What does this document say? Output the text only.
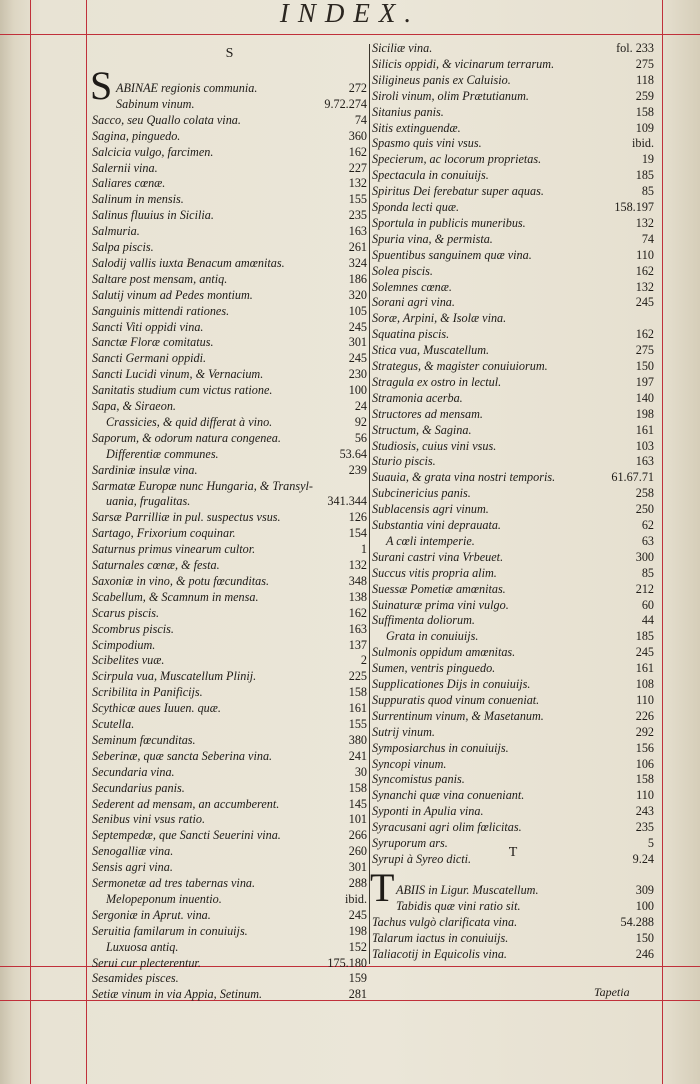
INDEX.
S
S ABINAE regionis communia.	272
Sabinum vinum.	9.72.274
Sacco, seu Quallo colata vina.	74
Sagina, pinguedo.	360
Salcicia vulgo, farcimen.	162
Salernii vina.	227
Saliares cœnæ.	132
Salinum in mensis.	155
Salinus fluuius in Sicilia.	235
Salmuria.	163
Salpa piscis.	261
Salodij vallis iuxta Benacum amœnitas.	324
Saltare post mensam, antiq.	186
Salutij vinum ad Pedes montium.	320
Sanguinis mittendi rationes.	105
Sancti Viti oppidi vina.	245
Sanctæ Floræ comitatus.	301
Sancti Germani oppidi.	245
Sancti Lucidi vinum, & Vernacium.	230
Sanitatis studium cum victus ratione.	100
Sapa, & Siraeon.	24
Crassicies, & quid differat à vino.	92
Saporum, & odorum natura congenea.	56
Differentiæ communes.	53.64
Sardiniæ insulæ vina.	239
Sarmatæ Europæ nunc Hungaria, & Transyl-
uania, frugalitas.	341.344
Sarsæ Parrilliæ in pul. suspectus vsus.	126
Sartago, Frixorium coquinar.	154
Saturnus primus vinearum cultor.	1
Saturnales cœnæ, & festa.	132
Saxoniæ in vino, & potu fœcunditas.	348
Scabellum, & Scamnum in mensa.	138
Scarus piscis.	162
Scombrus piscis.	163
Scimpodium.	137
Scibelites vuæ.	2
Scirpula vua, Muscatellum Plinij.	225
Scribilita in Panificijs.	158
Scythicæ aues Iuuen. quæ.	161
Scutella.	155
Seminum fœcunditas.	380
Seberinæ, quæ sancta Seberina vina.	241
Secundaria vina.	30
Secundarius panis.	158
Sederent ad mensam, an accumberent.	145
Senibus vini vsus ratio.	101
Septempedæ, que Sancti Seuerini vina.	266
Senogalliæ vina.	260
Sensis agri vina.	301
Sermonetæ ad tres tabernas vina.	288
Melopeponum inuentio.	ibid.
Sergoniæ in Aprut. vina.	245
Seruitia familarum in conuiuijs.	198
Luxuosa antiq.	152
Serui cur plecterentur.	175.180
Sesamides pisces.	159
Setiæ vinum in via Appia, Setinum.	281
Siciliæ vina.	fol. 233
Silicis oppidi, & vicinarum terrarum.	275
Siligineus panis ex Caluisio.	118
Siroli vinum, olim Prætutianum.	259
Sitanius panis.	158
Sitis extinguendæ.	109
Spasmo quis vini vsus.	ibid.
Specierum, ac locorum proprietas.	19
Spectacula in conuiuijs.	185
Spiritus Dei ferebatur super aquas.	85
Sponda lecti quæ.	158.197
Sportula in publicis muneribus.	132
Spuria vina, & permista.	74
Spuentibus sanguinem quæ vina.	110
Solea piscis.	162
Solemnes cœnæ.	132
Sorani agri vina.	245
Soræ, Arpini, & Isolæ vina.
Squatina piscis.	162
Stica vua, Muscatellum.	275
Strategus, & magister conuiuiorum.	150
Stragula ex ostro in lectul.	197
Stramonia acerba.	140
Structores ad mensam.	198
Structum, & Sagina.	161
Studiosis, cuius vini vsus.	103
Sturio piscis.	163
Suauia, & grata vina nostri temporis.	61.67.71
Subcinericius panis.	258
Sublacensis agri vinum.	250
Substantia vini deprauata.	62
A cœli intemperie.	63
Surani castri vina Vrbeuet.	300
Succus vitis propria alim.	85
Suessæ Pometiæ amœnitas.	212
Suinaturæ prima vini vulgo.	60
Suffimenta doliorum.	44
Grata in conuiuijs.	185
Sulmonis oppidum amœnitas.	245
Sumen, ventris pinguedo.	161
Supplicationes Dijs in conuiuijs.	108
Suppuratis quod vinum conueniat.	110
Surrentinum vinum, & Masetanum.	226
Sutrij vinum.	292
Symposiarchus in conuiuijs.	156
Syncopi vinum.	106
Syncomistus panis.	158
Synanchi quæ vina conueniant.	110
Syponti in Apulia vina.	243
Syracusani agri olim fœlicitas.	235
Syruporum ars.	5
Syrupi à Syreo dicti.	9.24
T
T ABIIS in Ligur. Muscatellum.	309
Tabidis quæ vini ratio sit.	100
Tachus vulgò clarificata vina.	54.288
Talarum iactus in conuiuijs.	150
Taliacotij in Equicolis vina.	246
Tapetia
